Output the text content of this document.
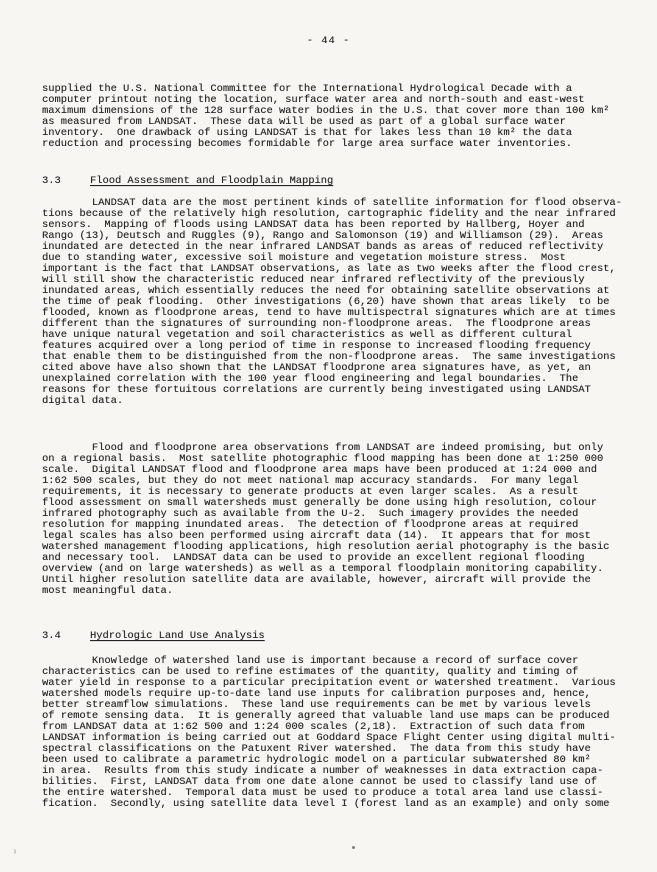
- 44 -
supplied the U.S. National Committee for the International Hydrological Decade with a
computer printout noting the location, surface water area and north-south and east-west
maximum dimensions of the 128 surface water bodies in the U.S. that cover more than 100 km²
as measured from LANDSAT.  These data will be used as part of a global surface water
inventory.  One drawback of using LANDSAT is that for lakes less than 10 km² the data
reduction and processing becomes formidable for large area surface water inventories.
3.3	Flood Assessment and Floodplain Mapping
LANDSAT data are the most pertinent kinds of satellite information for flood observa-
tions because of the relatively high resolution, cartographic fidelity and the near infrared
sensors.  Mapping of floods using LANDSAT data has been reported by Hallberg, Hoyer and
Rango (13), Deutsch and Ruggles (9), Rango and Salomonson (19) and Williamson (29).  Areas
inundated are detected in the near infrared LANDSAT bands as areas of reduced reflectivity
due to standing water, excessive soil moisture and vegetation moisture stress.  Most
important is the fact that LANDSAT observations, as late as two weeks after the flood crest,
will still show the characteristic reduced near infrared reflectivity of the previously
inundated areas, which essentially reduces the need for obtaining satellite observations at
the time of peak flooding.  Other investigations (6,20) have shown that areas likely  to be
flooded, known as floodprone areas, tend to have multispectral signatures which are at times
different than the signatures of surrounding non-floodprone areas.  The floodprone areas
have unique natural vegetation and soil characteristics as well as different cultural
features acquired over a long period of time in response to increased flooding frequency
that enable them to be distinguished from the non-floodprone areas.  The same investigations
cited above have also shown that the LANDSAT floodprone area signatures have, as yet, an
unexplained correlation with the 100 year flood engineering and legal boundaries.  The
reasons for these fortuitous correlations are currently being investigated using LANDSAT
digital data.
Flood and floodprone area observations from LANDSAT are indeed promising, but only
on a regional basis.  Most satellite photographic flood mapping has been done at 1:250 000
scale.  Digital LANDSAT flood and floodprone area maps have been produced at 1:24 000 and
1:62 500 scales, but they do not meet national map accuracy standards.  For many legal
requirements, it is necessary to generate products at even larger scales.  As a result
flood assessment on small watersheds must generally be done using high resolution, colour
infrared photography such as available from the U-2.  Such imagery provides the needed
resolution for mapping inundated areas.  The detection of floodprone areas at required
legal scales has also been performed using aircraft data (14).  It appears that for most
watershed management flooding applications, high resolution aerial photography is the basic
and necessary tool.  LANDSAT data can be used to provide an excellent regional flooding
overview (and on large watersheds) as well as a temporal floodplain monitoring capability.
Until higher resolution satellite data are available, however, aircraft will provide the
most meaningful data.
3.4	Hydrologic Land Use Analysis
Knowledge of watershed land use is important because a record of surface cover
characteristics can be used to refine estimates of the quantity, quality and timing of
water yield in response to a particular precipitation event or watershed treatment.  Various
watershed models require up-to-date land use inputs for calibration purposes and, hence,
better streamflow simulations.  These land use requirements can be met by various levels
of remote sensing data.  It is generally agreed that valuable land use maps can be produced
from LANDSAT data at 1:62 500 and 1:24 000 scales (2,18).  Extraction of such data from
LANDSAT information is being carried out at Goddard Space Flight Center using digital multi-
spectral classifications on the Patuxent River watershed.  The data from this study have
been used to calibrate a parametric hydrologic model on a particular subwatershed 80 km²
in area.  Results from this study indicate a number of weaknesses in data extraction capa-
bilities.  First, LANDSAT data from one date alone cannot be used to classify land use of
the entire watershed.  Temporal data must be used to produce a total area land use classi-
fication.  Secondly, using satellite data level I (forest land as an example) and only some
